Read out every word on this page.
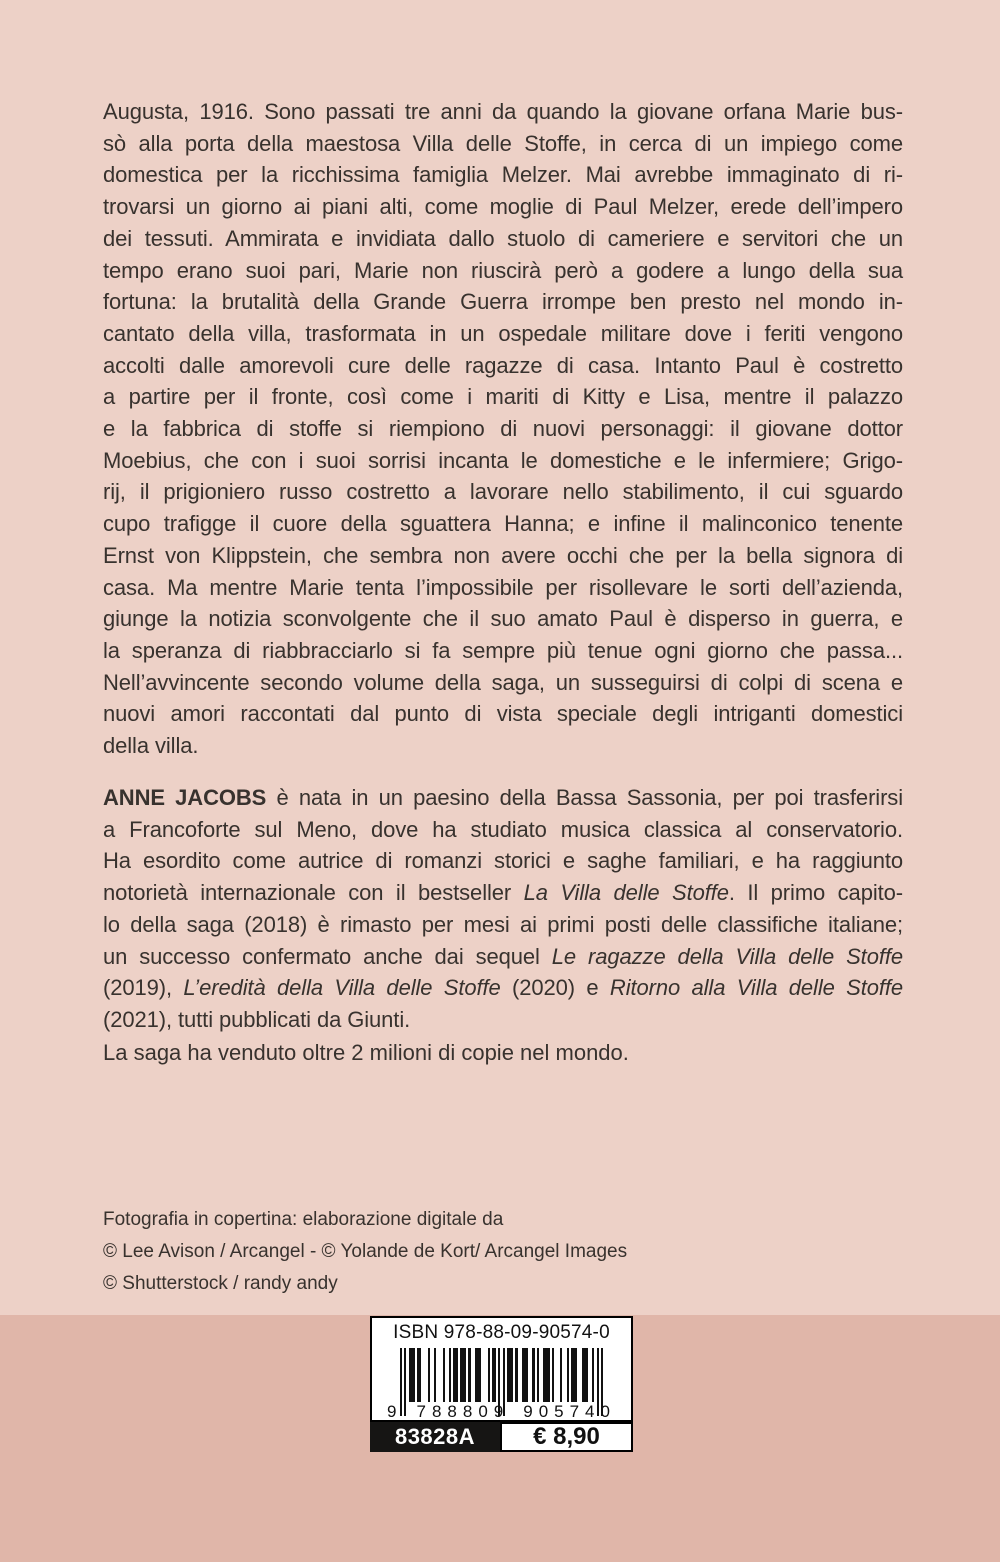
Augusta, 1916. Sono passati tre anni da quando la giovane orfana Marie bus-
sò alla porta della maestosa Villa delle Stoffe, in cerca di un impiego come
domestica per la ricchissima famiglia Melzer. Mai avrebbe immaginato di ri-
trovarsi un giorno ai piani alti, come moglie di Paul Melzer, erede dell’impero
dei tessuti. Ammirata e invidiata dallo stuolo di cameriere e servitori che un
tempo erano suoi pari, Marie non riuscirà però a godere a lungo della sua
fortuna: la brutalità della Grande Guerra irrompe ben presto nel mondo in-
cantato della villa, trasformata in un ospedale militare dove i feriti vengono
accolti dalle amorevoli cure delle ragazze di casa. Intanto Paul è costretto
a partire per il fronte, così come i mariti di Kitty e Lisa, mentre il palazzo
e la fabbrica di stoffe si riempiono di nuovi personaggi: il giovane dottor
Moebius, che con i suoi sorrisi incanta le domestiche e le infermiere; Grigo-
rij, il prigioniero russo costretto a lavorare nello stabilimento, il cui sguardo
cupo trafigge il cuore della sguattera Hanna; e infine il malinconico tenente
Ernst von Klippstein, che sembra non avere occhi che per la bella signora di
casa. Ma mentre Marie tenta l’impossibile per risollevare le sorti dell’azienda,
giunge la notizia sconvolgente che il suo amato Paul è disperso in guerra, e
la speranza di riabbracciarlo si fa sempre più tenue ogni giorno che passa...
Nell’avvincente secondo volume della saga, un susseguirsi di colpi di scena e
nuovi amori raccontati dal punto di vista speciale degli intriganti domestici
della villa.
ANNE JACOBS è nata in un paesino della Bassa Sassonia, per poi trasferirsi
a Francoforte sul Meno, dove ha studiato musica classica al conservatorio.
Ha esordito come autrice di romanzi storici e saghe familiari, e ha raggiunto
notorietà internazionale con il bestseller La Villa delle Stoffe. Il primo capito-
lo della saga (2018) è rimasto per mesi ai primi posti delle classifiche italiane;
un successo confermato anche dai sequel Le ragazze della Villa delle Stoffe
(2019), L’eredità della Villa delle Stoffe (2020) e Ritorno alla Villa delle Stoffe
(2021), tutti pubblicati da Giunti.
La saga ha venduto oltre 2 milioni di copie nel mondo.
Fotografia in copertina: elaborazione digitale da
© Lee Avison / Arcangel - © Yolande de Kort/ Arcangel Images
© Shutterstock / randy andy
ISBN 978-88-09-90574-0
9 788809 905740
83828A	€ 8,90
